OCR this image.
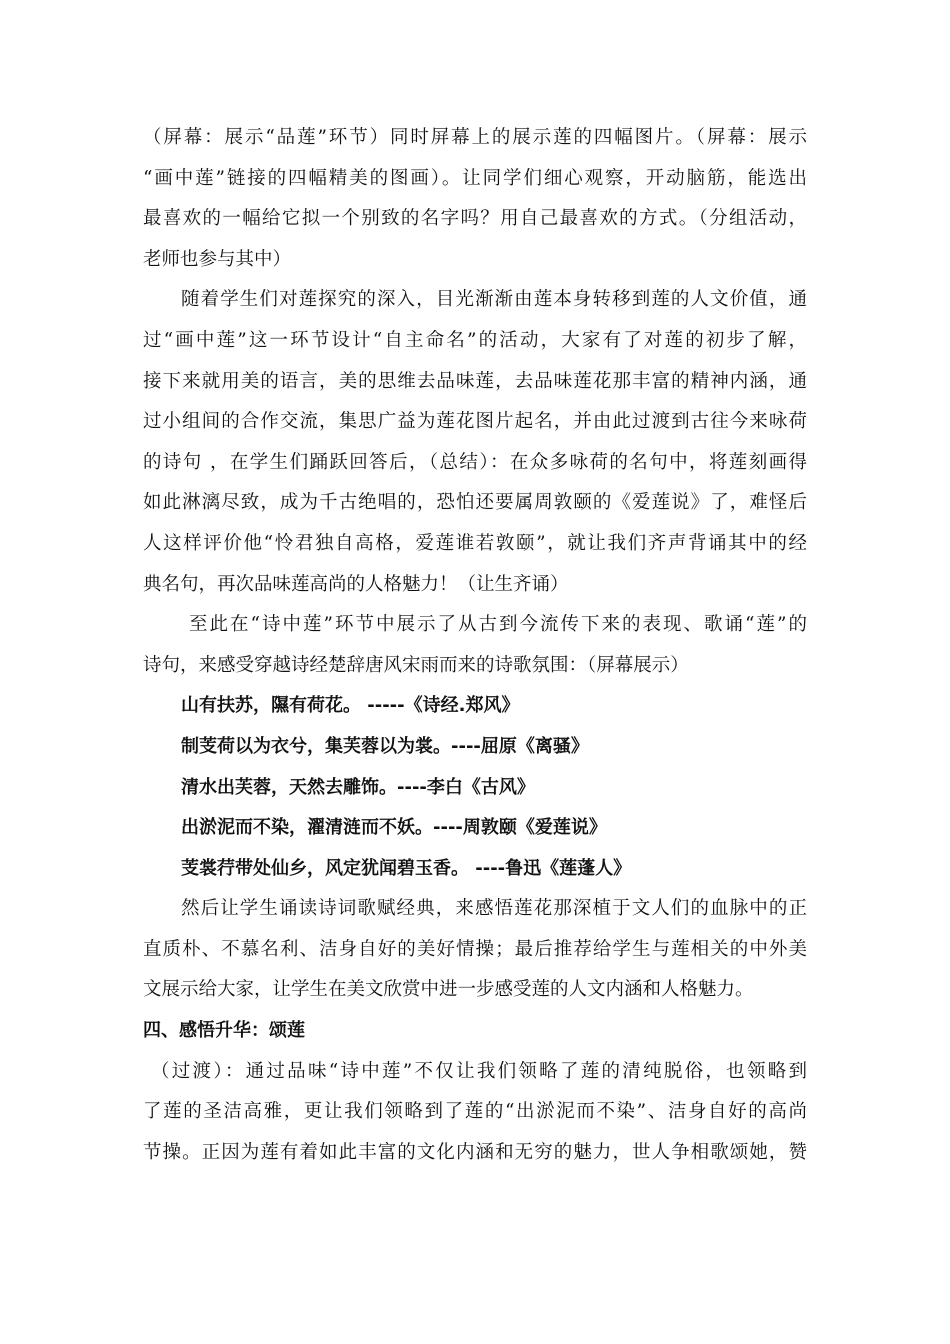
（屏幕：展示“品莲”环节）同时屏幕上的展示莲的四幅图片。（屏幕：展示
“画中莲”链接的四幅精美的图画）。让同学们细心观察，开动脑筋，能选出
最喜欢的一幅给它拟一个别致的名字吗？用自己最喜欢的方式。（分组活动，
老师也参与其中）
随着学生们对莲探究的深入，目光渐渐由莲本身转移到莲的人文价值，通
过“画中莲”这一环节设计“自主命名”的活动，大家有了对莲的初步了解，
接下来就用美的语言，美的思维去品味莲，去品味莲花那丰富的精神内涵，通
过小组间的合作交流，集思广益为莲花图片起名，并由此过渡到古往今来咏荷
的诗句 ，在学生们踊跃回答后，（总结）：在众多咏荷的名句中，将莲刻画得
如此淋漓尽致，成为千古绝唱的，恐怕还要属周敦颐的《爱莲说》了，难怪后
人这样评价他“怜君独自高格，爱莲谁若敦颐”，就让我们齐声背诵其中的经
典名句，再次品味莲高尚的人格魅力！（让生齐诵）
至此在“诗中莲”环节中展示了从古到今流传下来的表现、歌诵“莲”的
诗句，来感受穿越诗经楚辞唐风宋雨而来的诗歌氛围：（屏幕展示）
山有扶苏，隰有荷花。 -----《诗经.郑风》
制芰荷以为衣兮，集芙蓉以为裳。----屈原《离骚》
清水出芙蓉，天然去雕饰。----李白《古风》
出淤泥而不染，濯清涟而不妖。----周敦颐《爱莲说》
芰裳荇带处仙乡，风定犹闻碧玉香。 ----鲁迅《莲蓬人》
然后让学生诵读诗词歌赋经典，来感悟莲花那深植于文人们的血脉中的正
直质朴、不慕名利、洁身自好的美好情操；最后推荐给学生与莲相关的中外美
文展示给大家，让学生在美文欣赏中进一步感受莲的人文内涵和人格魅力。
四、感悟升华：颂莲
（过渡）：通过品味“诗中莲”不仅让我们领略了莲的清纯脱俗，也领略到
了莲的圣洁高雅，更让我们领略到了莲的“出淤泥而不染”、洁身自好的高尚
节操。正因为莲有着如此丰富的文化内涵和无穷的魅力，世人争相歌颂她，赞
